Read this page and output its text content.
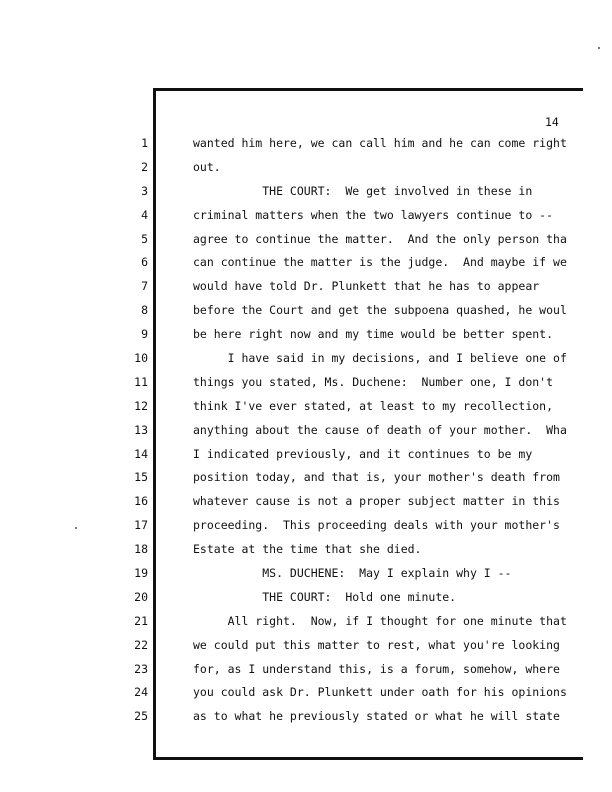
14
1
2
3
4
5
6
7
8
9
10
11
12
13
14
15
16
17
18
19
20
21
22
23
24
25
wanted him here, we can call him and he can come right
out.
THE COURT:  We get involved in these in
criminal matters when the two lawyers continue to --
agree to continue the matter.  And the only person tha
can continue the matter is the judge.  And maybe if we
would have told Dr. Plunkett that he has to appear
before the Court and get the subpoena quashed, he woul
be here right now and my time would be better spent.
I have said in my decisions, and I believe one of
things you stated, Ms. Duchene:  Number one, I don't
think I've ever stated, at least to my recollection,
anything about the cause of death of your mother.  Wha
I indicated previously, and it continues to be my
position today, and that is, your mother's death from
whatever cause is not a proper subject matter in this
proceeding.  This proceeding deals with your mother's
Estate at the time that she died.
MS. DUCHENE:  May I explain why I --
THE COURT:  Hold one minute.
All right.  Now, if I thought for one minute that
we could put this matter to rest, what you're looking
for, as I understand this, is a forum, somehow, where
you could ask Dr. Plunkett under oath for his opinions
as to what he previously stated or what he will state
